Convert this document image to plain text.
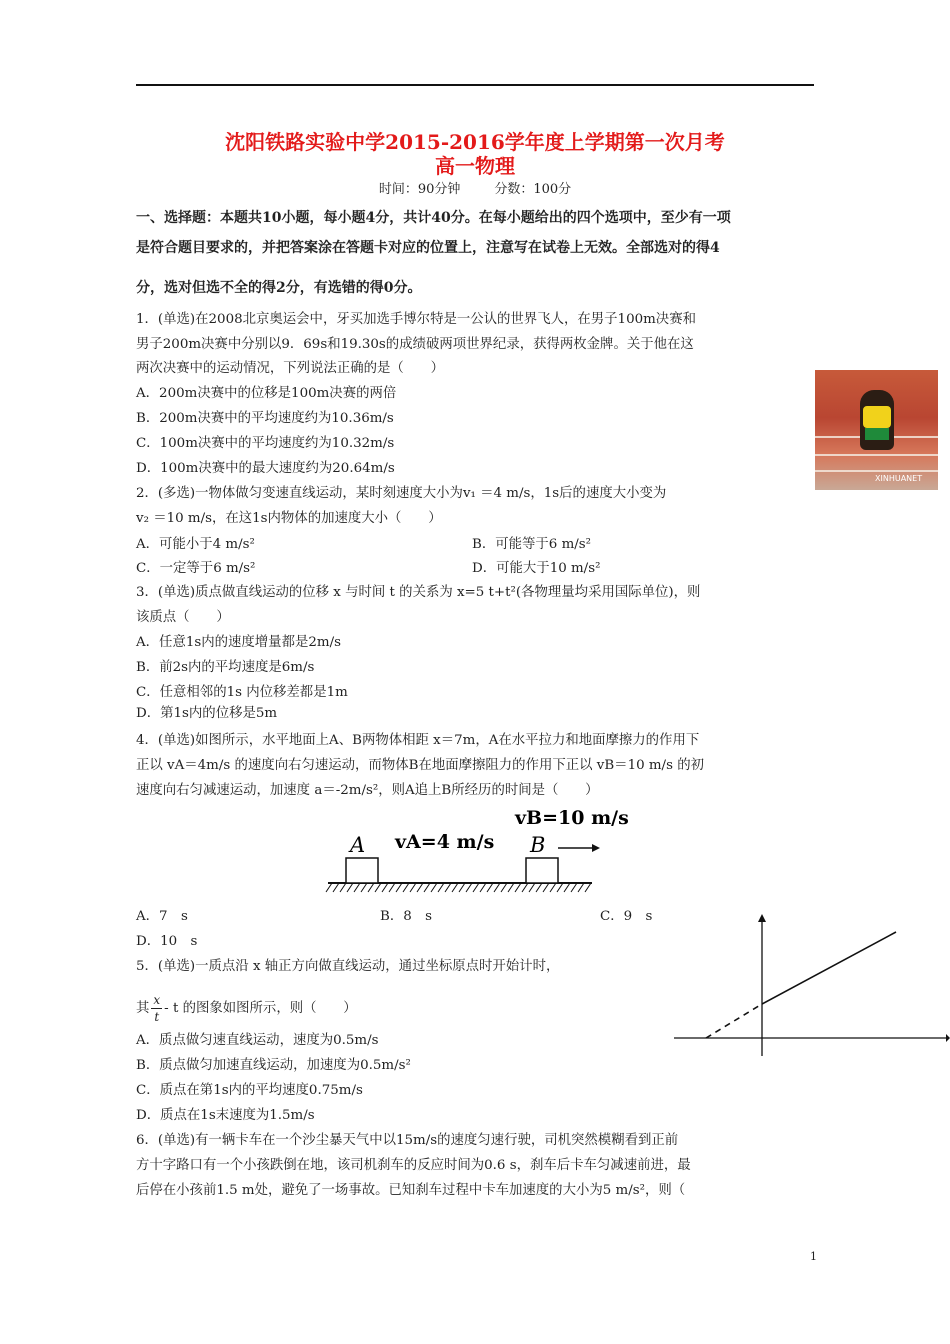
沈阳铁路实验中学2015-2016学年度上学期第一次月考
高一物理
时间：90分钟	分数：100分
一、选择题：本题共10小题，每小题4分，共计40分。在每小题给出的四个选项中，至少有一项
是符合题目要求的，并把答案涂在答题卡对应的位置上，注意写在试卷上无效。全部选对的得4
分，选对但选不全的得2分，有选错的得0分。
1．(单选)在2008北京奥运会中，牙买加选手博尔特是一公认的世界飞人，在男子100m决赛和
男子200m决赛中分别以9．69s和19.30s的成绩破两项世界纪录，获得两枚金牌。关于他在这
两次决赛中的运动情况，下列说法正确的是（　　）
A．200m决赛中的位移是100m决赛的两倍
B．200m决赛中的平均速度约为10.36m/s
C．100m决赛中的平均速度约为10.32m/s
D．100m决赛中的最大速度约为20.64m/s
XINHUANET
2．(多选)一物体做匀变速直线运动，某时刻速度大小为v₁ ＝4 m/s，1s后的速度大小变为
v₂ ＝10 m/s，在这1s内物体的加速度大小（　　）
A．可能小于4 m/s²	B．可能等于6 m/s²
C．一定等于6 m/s²	D．可能大于10 m/s²
3．(单选)质点做直线运动的位移 x 与时间 t 的关系为 x=5 t+t²(各物理量均采用国际单位)，则
该质点（　　）
A．任意1s内的速度增量都是2m/s
B．前2s内的平均速度是6m/s
C．任意相邻的1s 内位移差都是1m
D．第1s内的位移是5m
4．(单选)如图所示，水平地面上A、B两物体相距 x＝7m，A在水平拉力和地面摩擦力的作用下
正以 vA＝4m/s 的速度向右匀速运动，而物体B在地面摩擦阻力的作用下正以 vB＝10 m/s 的初
速度向右匀减速运动，加速度 a＝-2m/s²，则A追上B所经历的时间是（　　）
A	B
vA=4 m/s
vB=10 m/s
A．7　s	B．8　s	C．9　s
D．10　s
5．(单选)一质点沿 x 轴正方向做直线运动，通过坐标原点时开始计时，
其 $\frac{x}{t}$ - t 的图象如图所示，则（　　）
A．质点做匀速直线运动，速度为0.5m/s
B．质点做匀加速直线运动，加速度为0.5m/s²
C．质点在第1s内的平均速度0.75m/s
D．质点在1s末速度为1.5m/s
6．(单选)有一辆卡车在一个沙尘暴天气中以15m/s的速度匀速行驶，司机突然模糊看到正前
方十字路口有一个小孩跌倒在地，该司机刹车的反应时间为0.6 s，刹车后卡车匀减速前进，最
后停在小孩前1.5 m处，避免了一场事故。已知刹车过程中卡车加速度的大小为5 m/s²，则（
1
